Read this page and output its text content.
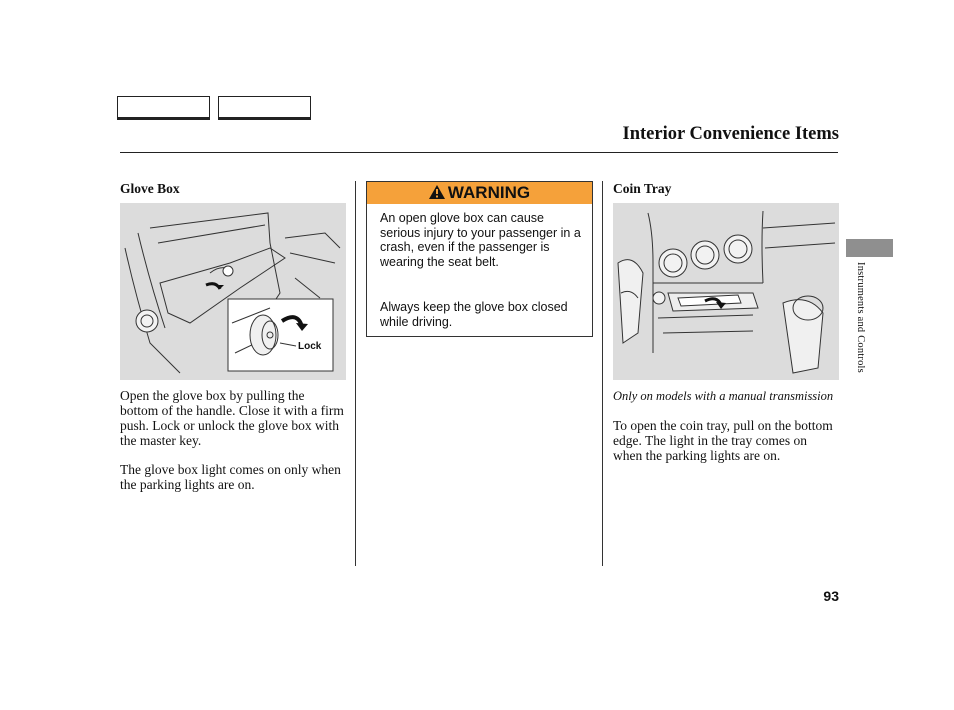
Interior Convenience Items
Glove Box
Lock
Open the glove box by pulling the bottom of the handle. Close it with a firm push. Lock or unlock the glove box with the master key.
The glove box light comes on only when the parking lights are on.
WARNING
An open glove box can cause serious injury to your passenger in a crash, even if the passenger is wearing the seat belt.
Always keep the glove box closed while driving.
Coin Tray
Only on models with a manual transmission
To open the coin tray, pull on the bottom edge. The light in the tray comes on when the parking lights are on.
Instruments and Controls
93
